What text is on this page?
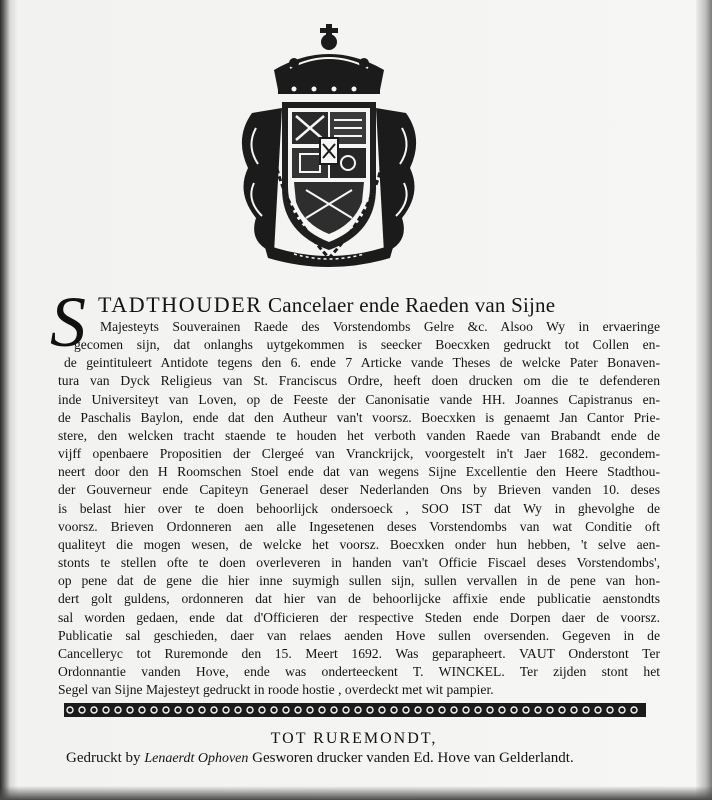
S TADTHOUDER Cancelaer ende Raeden van Sijne
Majesteyts Souverainen Raede des Vorstendombs Gelre &c. Alsoo Wy in ervaeringe
gecomen sijn, dat onlanghs uytgekommen is seecker Boecxken gedruckt tot Collen en-
de geintituleert Antidote tegens den 6. ende 7 Articke vande Theses de welcke Pater Bonaven-
tura van Dyck Religieus van St. Franciscus Ordre, heeft doen drucken om die te defenderen
inde Universiteyt van Loven, op de Feeste der Canonisatie vande HH. Joannes Capistranus en-
de Paschalis Baylon, ende dat den Autheur van't voorsz. Boecxken is genaemt Jan Cantor Prie-
stere, den welcken tracht staende te houden het verboth vanden Raede van Brabandt ende de
vijff openbaere Propositien der Clergeé van Vranckrijck, voorgestelt in't Jaer 1682. gecondem-
neert door den H Roomschen Stoel ende dat van wegens Sijne Excellentie den Heere Stadthou-
der Gouverneur ende Capiteyn Generael deser Nederlanden Ons by Brieven vanden 10. deses
is belast hier over te doen behoorlijck ondersoeck , SOO IST dat Wy in ghevolghe de
voorsz. Brieven Ordonneren aen alle Ingesetenen deses Vorstendombs van wat Conditie oft
qualiteyt die mogen wesen, de welcke het voorsz. Boecxken onder hun hebben, 't selve aen-
stonts te stellen ofte te doen overleveren in handen van't Officie Fiscael deses Vorstendombs',
op pene dat de gene die hier inne suymigh sullen sijn, sullen vervallen in de pene van hon-
dert golt guldens, ordonneren dat hier van de behoorlijcke affixie ende publicatie aenstondts
sal worden gedaen, ende dat d'Officieren der respective Steden ende Dorpen daer de voorsz.
Publicatie sal geschieden, daer van relaes aenden Hove sullen oversenden. Gegeven in de
Cancelleryc tot Ruremonde den 15. Meert 1692. Was geparapheert. VAUT Onderstont Ter
Ordonnantie vanden Hove, ende was onderteeckent T. WINCKEL. Ter zijden stont het
Segel van Sijne Majesteyt gedruckt in roode hostie , overdeckt met wit pampier.
TOT RUREMONDT,
Gedruckt by Lenaerdt Ophoven Gesworen drucker vanden Ed. Hove van Gelderlandt.
